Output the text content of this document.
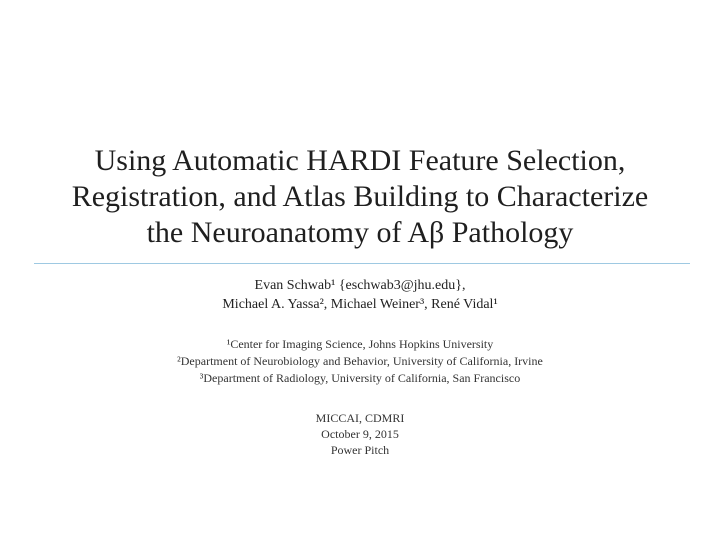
Using Automatic HARDI Feature Selection,
Registration, and Atlas Building to Characterize
the Neuroanatomy of Aβ Pathology
Evan Schwab¹ {eschwab3@jhu.edu},
Michael A. Yassa², Michael Weiner³, René Vidal¹
¹Center for Imaging Science, Johns Hopkins University
²Department of Neurobiology and Behavior, University of California, Irvine
³Department of Radiology, University of California, San Francisco
MICCAI, CDMRI
October 9, 2015
Power Pitch
